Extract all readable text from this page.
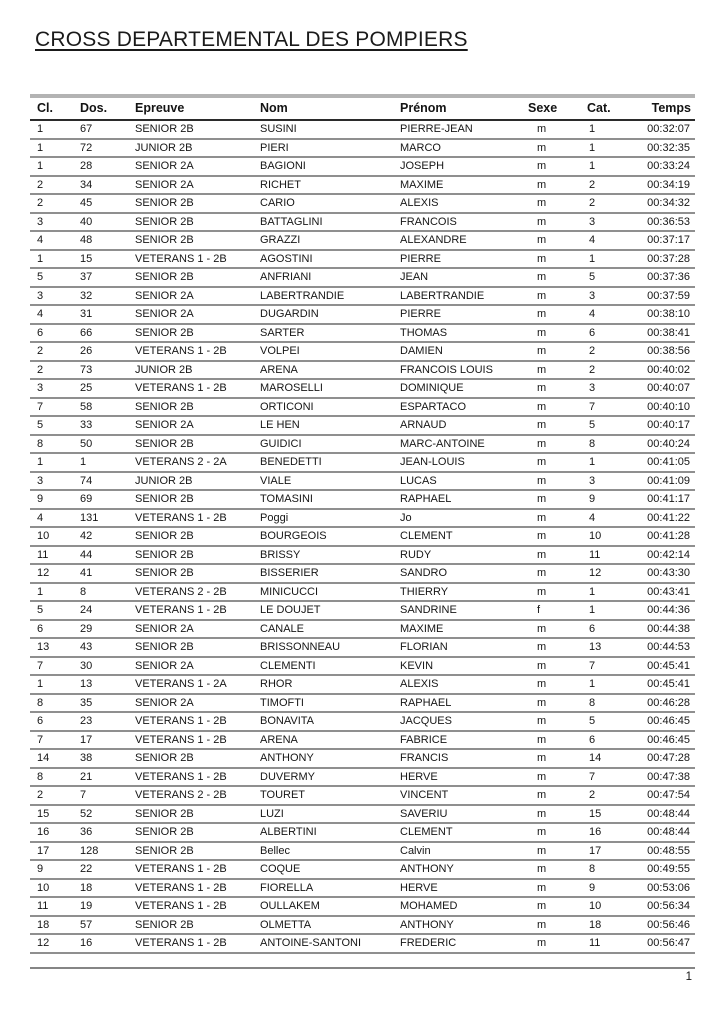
CROSS DEPARTEMENTAL DES POMPIERS
Cl.	Dos.	Epreuve	Nom	Prénom	Sexe	Cat.	Temps
1	67	SENIOR 2B	SUSINI	PIERRE-JEAN	m	1	00:32:07
1	72	JUNIOR 2B	PIERI	MARCO	m	1	00:32:35
1	28	SENIOR 2A	BAGIONI	JOSEPH	m	1	00:33:24
2	34	SENIOR 2A	RICHET	MAXIME	m	2	00:34:19
2	45	SENIOR 2B	CARIO	ALEXIS	m	2	00:34:32
3	40	SENIOR 2B	BATTAGLINI	FRANCOIS	m	3	00:36:53
4	48	SENIOR 2B	GRAZZI	ALEXANDRE	m	4	00:37:17
1	15	VETERANS 1 - 2B	AGOSTINI	PIERRE	m	1	00:37:28
5	37	SENIOR 2B	ANFRIANI	JEAN	m	5	00:37:36
3	32	SENIOR 2A	LABERTRANDIE	LABERTRANDIE	m	3	00:37:59
4	31	SENIOR 2A	DUGARDIN	PIERRE	m	4	00:38:10
6	66	SENIOR 2B	SARTER	THOMAS	m	6	00:38:41
2	26	VETERANS 1 - 2B	VOLPEI	DAMIEN	m	2	00:38:56
2	73	JUNIOR 2B	ARENA	FRANCOIS LOUIS	m	2	00:40:02
3	25	VETERANS 1 - 2B	MAROSELLI	DOMINIQUE	m	3	00:40:07
7	58	SENIOR 2B	ORTICONI	ESPARTACO	m	7	00:40:10
5	33	SENIOR 2A	LE HEN	ARNAUD	m	5	00:40:17
8	50	SENIOR 2B	GUIDICI	MARC-ANTOINE	m	8	00:40:24
1	1	VETERANS 2 - 2A	BENEDETTI	JEAN-LOUIS	m	1	00:41:05
3	74	JUNIOR 2B	VIALE	LUCAS	m	3	00:41:09
9	69	SENIOR 2B	TOMASINI	RAPHAEL	m	9	00:41:17
4	131	VETERANS 1 - 2B	Poggi	Jo	m	4	00:41:22
10	42	SENIOR 2B	BOURGEOIS	CLEMENT	m	10	00:41:28
11	44	SENIOR 2B	BRISSY	RUDY	m	11	00:42:14
12	41	SENIOR 2B	BISSERIER	SANDRO	m	12	00:43:30
1	8	VETERANS 2 - 2B	MINICUCCI	THIERRY	m	1	00:43:41
5	24	VETERANS 1 - 2B	LE DOUJET	SANDRINE	f	1	00:44:36
6	29	SENIOR 2A	CANALE	MAXIME	m	6	00:44:38
13	43	SENIOR 2B	BRISSONNEAU	FLORIAN	m	13	00:44:53
7	30	SENIOR 2A	CLEMENTI	KEVIN	m	7	00:45:41
1	13	VETERANS 1 - 2A	RHOR	ALEXIS	m	1	00:45:41
8	35	SENIOR 2A	TIMOFTI	RAPHAEL	m	8	00:46:28
6	23	VETERANS 1 - 2B	BONAVITA	JACQUES	m	5	00:46:45
7	17	VETERANS 1 - 2B	ARENA	FABRICE	m	6	00:46:45
14	38	SENIOR 2B	ANTHONY	FRANCIS	m	14	00:47:28
8	21	VETERANS 1 - 2B	DUVERMY	HERVE	m	7	00:47:38
2	7	VETERANS 2 - 2B	TOURET	VINCENT	m	2	00:47:54
15	52	SENIOR 2B	LUZI	SAVERIU	m	15	00:48:44
16	36	SENIOR 2B	ALBERTINI	CLEMENT	m	16	00:48:44
17	128	SENIOR 2B	Bellec	Calvin	m	17	00:48:55
9	22	VETERANS 1 - 2B	COQUE	ANTHONY	m	8	00:49:55
10	18	VETERANS 1 - 2B	FIORELLA	HERVE	m	9	00:53:06
11	19	VETERANS 1 - 2B	OULLAKEM	MOHAMED	m	10	00:56:34
18	57	SENIOR 2B	OLMETTA	ANTHONY	m	18	00:56:46
12	16	VETERANS 1 - 2B	ANTOINE-SANTONI	FREDERIC	m	11	00:56:47
1
